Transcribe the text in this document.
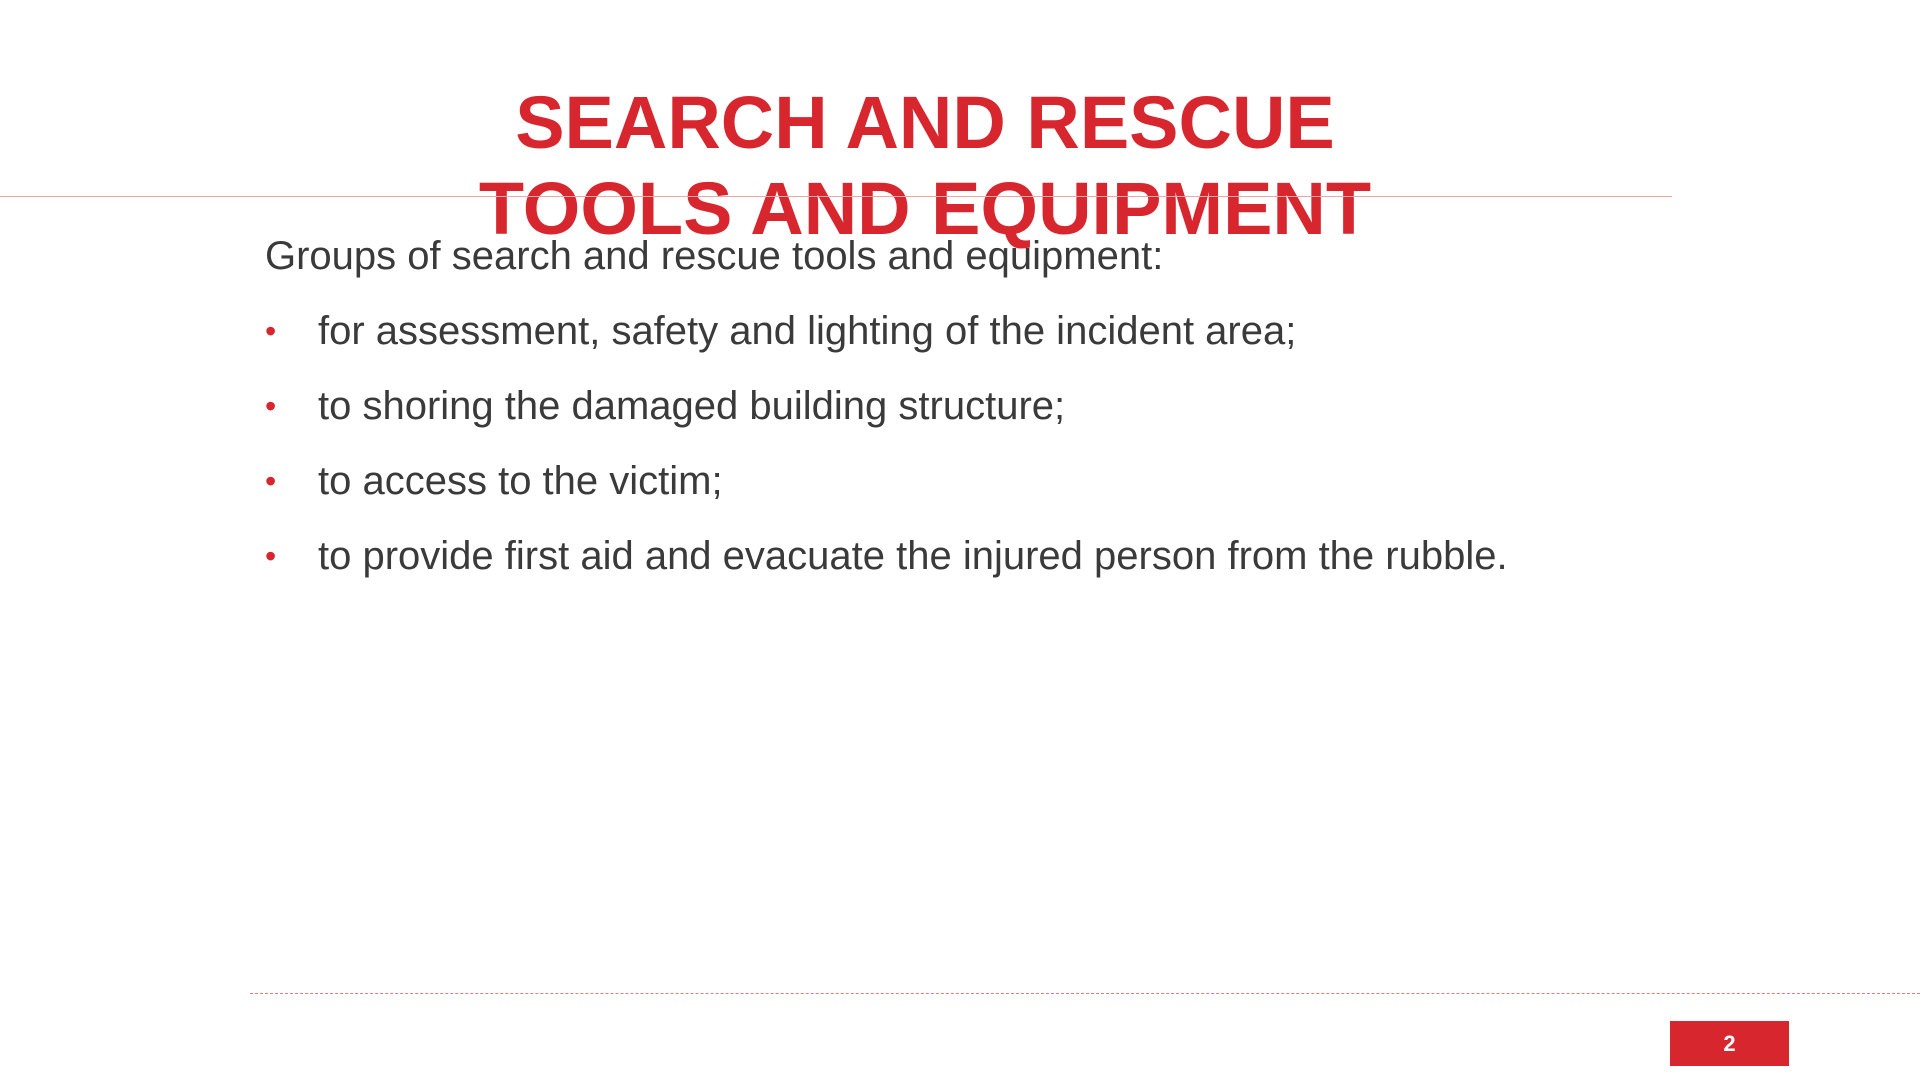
SEARCH AND RESCUE
TOOLS AND EQUIPMENT

Groups of search and rescue tools and equipment:

• for assessment, safety and lighting of the incident area;
• to shoring the damaged building structure;
• to access to the victim;
• to provide first aid and evacuate the injured person from the rubble.
2
